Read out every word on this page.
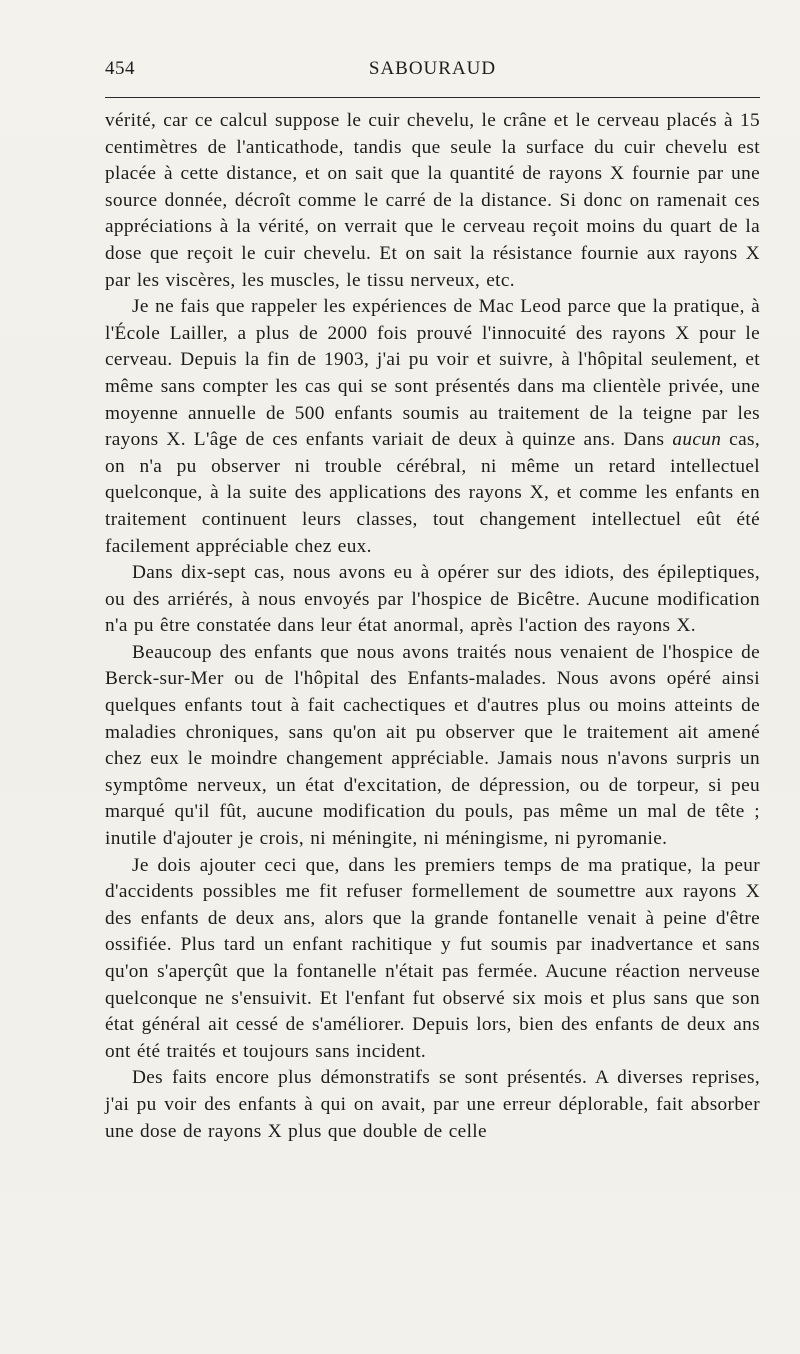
454	SABOURAUD

vérité, car ce calcul suppose le cuir chevelu, le crâne et le cerveau placés à 15 centimètres de l'anticathode, tandis que seule la surface du cuir chevelu est placée à cette distance, et on sait que la quantité de rayons X fournie par une source donnée, décroît comme le carré de la distance. Si donc on ramenait ces appréciations à la vérité, on verrait que le cerveau reçoit moins du quart de la dose que reçoit le cuir chevelu. Et on sait la résistance fournie aux rayons X par les viscères, les muscles, le tissu nerveux, etc.

Je ne fais que rappeler les expériences de Mac Leod parce que la pratique, à l'École Lailler, a plus de 2000 fois prouvé l'innocuité des rayons X pour le cerveau. Depuis la fin de 1903, j'ai pu voir et suivre, à l'hôpital seulement, et même sans compter les cas qui se sont présentés dans ma clientèle privée, une moyenne annuelle de 500 enfants soumis au traitement de la teigne par les rayons X. L'âge de ces enfants variait de deux à quinze ans. Dans aucun cas, on n'a pu observer ni trouble cérébral, ni même un retard intellectuel quelconque, à la suite des applications des rayons X, et comme les enfants en traitement continuent leurs classes, tout changement intellectuel eût été facilement appréciable chez eux.

Dans dix-sept cas, nous avons eu à opérer sur des idiots, des épileptiques, ou des arriérés, à nous envoyés par l'hospice de Bicêtre. Aucune modification n'a pu être constatée dans leur état anormal, après l'action des rayons X.

Beaucoup des enfants que nous avons traités nous venaient de l'hospice de Berck-sur-Mer ou de l'hôpital des Enfants-malades. Nous avons opéré ainsi quelques enfants tout à fait cachectiques et d'autres plus ou moins atteints de maladies chroniques, sans qu'on ait pu observer que le traitement ait amené chez eux le moindre changement appréciable. Jamais nous n'avons surpris un symptôme nerveux, un état d'excitation, de dépression, ou de torpeur, si peu marqué qu'il fût, aucune modification du pouls, pas même un mal de tête ; inutile d'ajouter je crois, ni méningite, ni méningisme, ni pyromanie.

Je dois ajouter ceci que, dans les premiers temps de ma pratique, la peur d'accidents possibles me fit refuser formellement de soumettre aux rayons X des enfants de deux ans, alors que la grande fontanelle venait à peine d'être ossifiée. Plus tard un enfant rachitique y fut soumis par inadvertance et sans qu'on s'aperçût que la fontanelle n'était pas fermée. Aucune réaction nerveuse quelconque ne s'ensuivit. Et l'enfant fut observé six mois et plus sans que son état général ait cessé de s'améliorer. Depuis lors, bien des enfants de deux ans ont été traités et toujours sans incident.

Des faits encore plus démonstratifs se sont présentés. A diverses reprises, j'ai pu voir des enfants à qui on avait, par une erreur déplorable, fait absorber une dose de rayons X plus que double de celle
